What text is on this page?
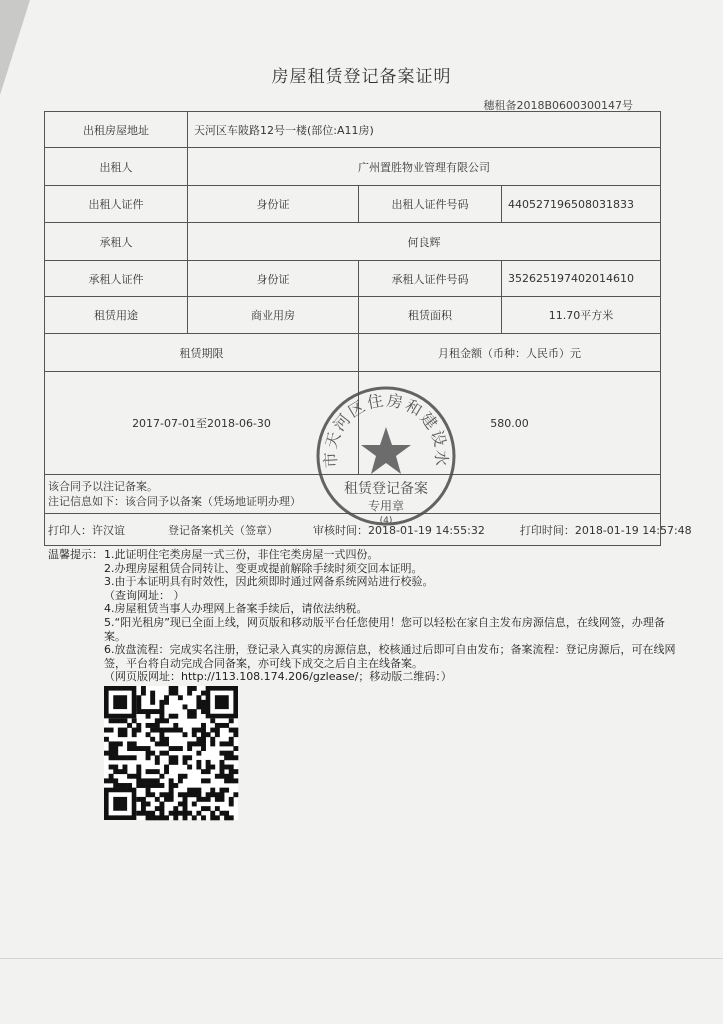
房屋租赁登记备案证明
穗租备2018B0600300147号
出租房屋地址	天河区车陂路12号一楼(部位:A11房)		
出租人	广州置胜物业管理有限公司		
出租人证件	身份证	出租人证件号码	440527196508031833
承租人	何良辉		
承租人证件	身份证	承租人证件号码	352625197402014610
租赁用途	商业用房	租赁面积	11.70平方米
租赁期限		月租金额（币种：人民币）元	
2017-07-01至2018-06-30		580.00	

该合同予以注记备案。
注记信息如下：该合同予以备案（凭场地证明办理）			

打印人：许汉谊 登记备案机关（签章） 审核时间：2018-01-19 14:55:32 打印时间：2018-01-19 14:57:48			
市天河区住房和建设水
租赁登记备案
专用章
(4)
温馨提示： 1.此证明住宅类房屋一式三份，非住宅类房屋一式四份。
2.办理房屋租赁合同转让、变更或提前解除手续时须交回本证明。
3.由于本证明具有时效性，因此须即时通过网备系统网站进行校验。
（查询网址： ）
4.房屋租赁当事人办理网上备案手续后，请依法纳税。
5.“阳光租房”现已全面上线，网页版和移动版平台任您使用！您可以轻松在家自主发布房源信息，在线网签，办理备案。
6.放盘流程：完成实名注册，登记录入真实的房源信息，校核通过后即可自由发布；备案流程：登记房源后，可在线网签，平台将自动完成合同备案，亦可线下成交之后自主在线备案。
（网页版网址：http://113.108.174.206/gzlease/；移动版二维码：）
